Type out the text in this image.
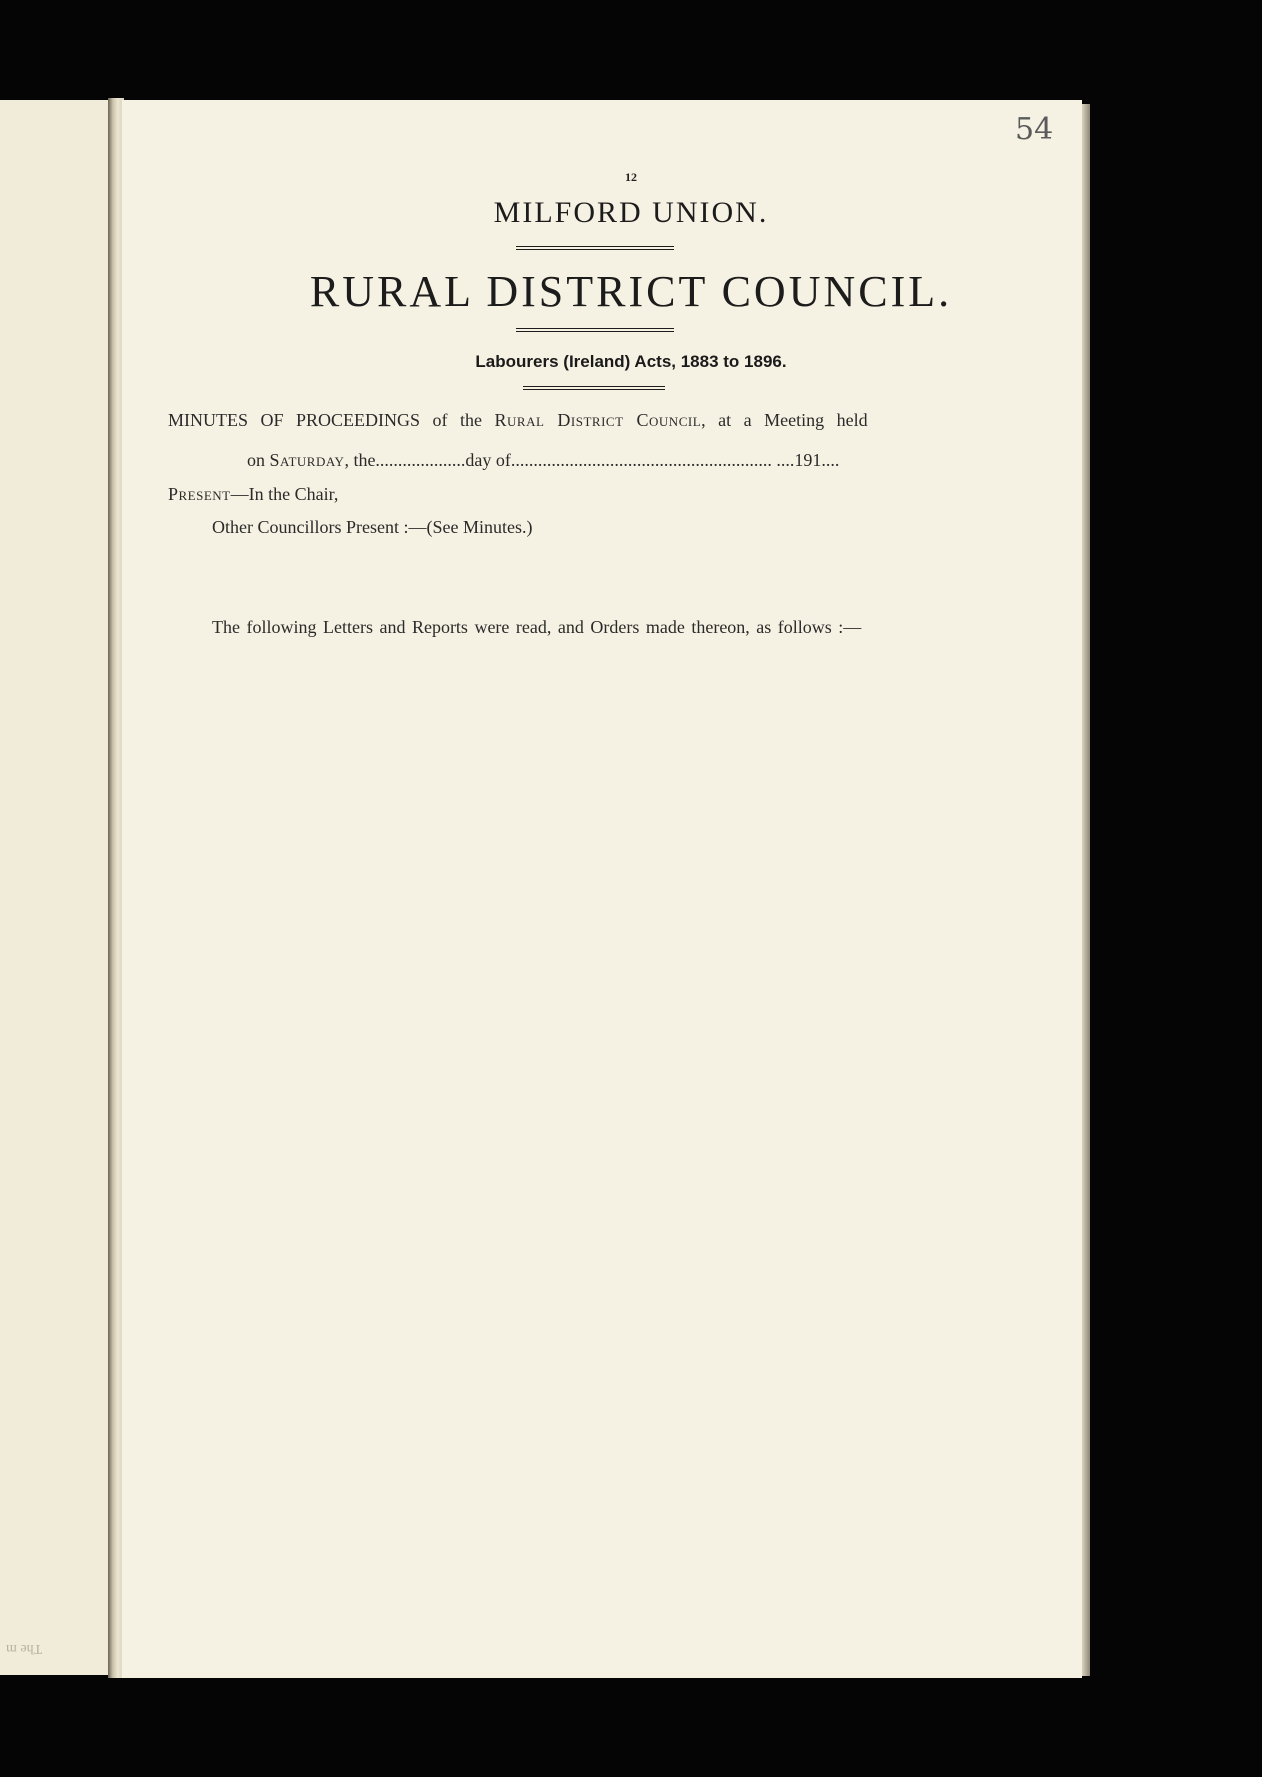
The m
54
12
MILFORD UNION.
RURAL DISTRICT COUNCIL.
Labourers (Ireland) Acts, 1883 to 1896.
MINUTES OF PROCEEDINGS of the Rural District Council, at a Meeting held
on Saturday, the....................day of.......................................................... ....191....
Present—In the Chair,
Other Councillors Present :—(See Minutes.)
The following Letters and Reports were read, and Orders made thereon, as follows :—
